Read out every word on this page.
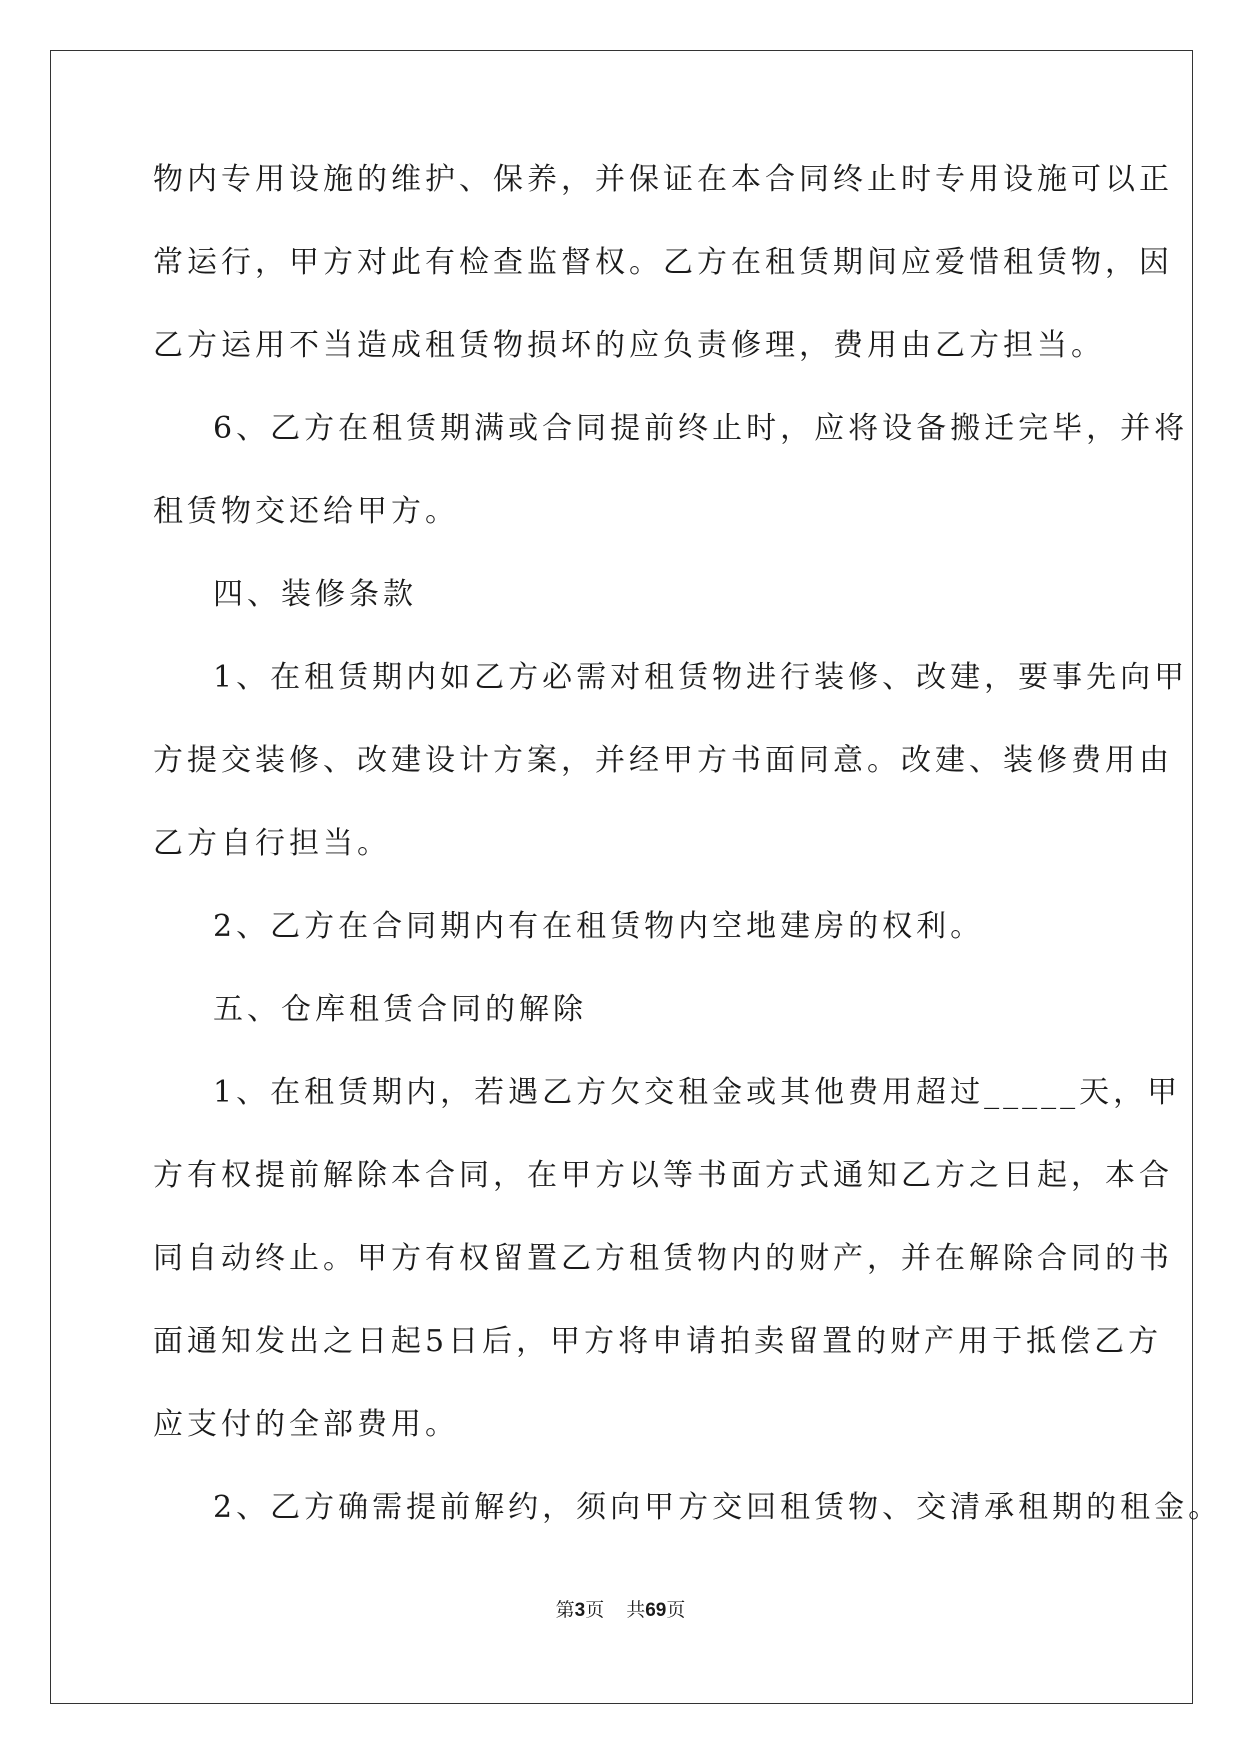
物内专用设施的维护、保养，并保证在本合同终止时专用设施可以正
常运行，甲方对此有检查监督权。乙方在租赁期间应爱惜租赁物，因
乙方运用不当造成租赁物损坏的应负责修理，费用由乙方担当。
6、乙方在租赁期满或合同提前终止时，应将设备搬迁完毕，并将
租赁物交还给甲方。
四、装修条款
1、在租赁期内如乙方必需对租赁物进行装修、改建，要事先向甲
方提交装修、改建设计方案，并经甲方书面同意。改建、装修费用由
乙方自行担当。
2、乙方在合同期内有在租赁物内空地建房的权利。
五、仓库租赁合同的解除
1、在租赁期内，若遇乙方欠交租金或其他费用超过_____天，甲
方有权提前解除本合同，在甲方以等书面方式通知乙方之日起，本合
同自动终止。甲方有权留置乙方租赁物内的财产，并在解除合同的书
面通知发出之日起5日后，甲方将申请拍卖留置的财产用于抵偿乙方
应支付的全部费用。
2、乙方确需提前解约，须向甲方交回租赁物、交清承租期的租金。
第3页 共69页
